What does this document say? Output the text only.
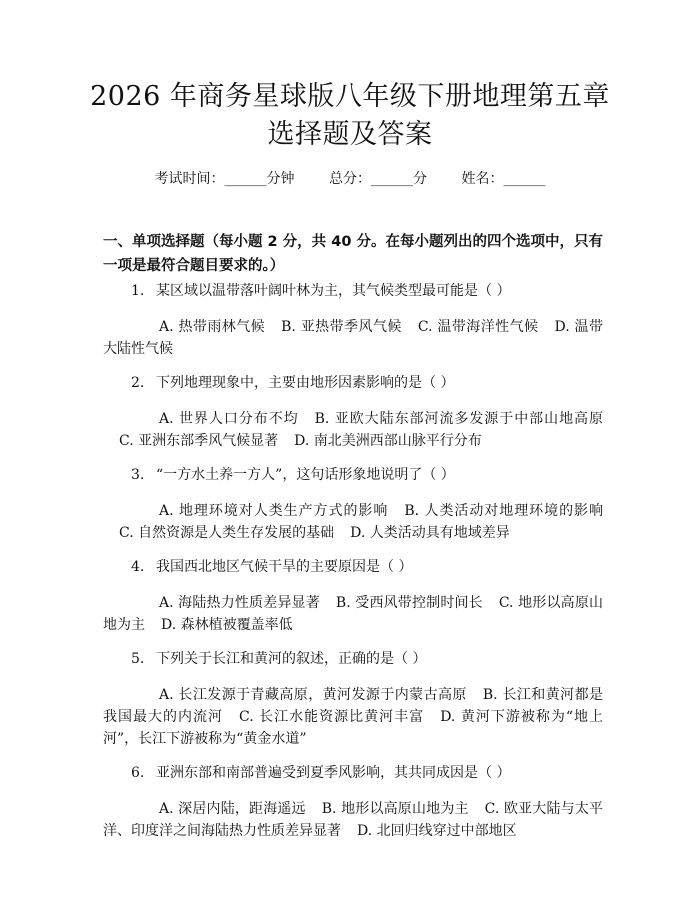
2026 年商务星球版八年级下册地理第五章选择题及答案
考试时间：______分钟 总分：______分 姓名：______
一、单项选择题（每小题 2 分，共 40 分。在每小题列出的四个选项中，只有一项是最符合题目要求的。）
1. 某区域以温带落叶阔叶林为主，其气候类型最可能是（ ）
A. 热带雨林气候 B. 亚热带季风气候 C. 温带海洋性气候 D. 温带大陆性气候
2. 下列地理现象中，主要由地形因素影响的是（ ）
A. 世界人口分布不均 B. 亚欧大陆东部河流多发源于中部山地高原C. 亚洲东部季风气候显著 D. 南北美洲西部山脉平行分布
3. “一方水土养一方人”，这句话形象地说明了（ ）
A. 地理环境对人类生产方式的影响 B. 人类活动对地理环境的影响C. 自然资源是人类生存发展的基础 D. 人类活动具有地域差异
4. 我国西北地区气候干旱的主要原因是（ ）
A. 海陆热力性质差异显著 B. 受西风带控制时间长 C. 地形以高原山地为主 D. 森林植被覆盖率低
5. 下列关于长江和黄河的叙述，正确的是（ ）
A. 长江发源于青藏高原，黄河发源于内蒙古高原 B. 长江和黄河都是我国最大的内流河 C. 长江水能资源比黄河丰富 D. 黄河下游被称为“地上河”，长江下游被称为“黄金水道”
6. 亚洲东部和南部普遍受到夏季风影响，其共同成因是（ ）
A. 深居内陆，距海遥远 B. 地形以高原山地为主 C. 欧亚大陆与太平洋、印度洋之间海陆热力性质差异显著 D. 北回归线穿过中部地区
